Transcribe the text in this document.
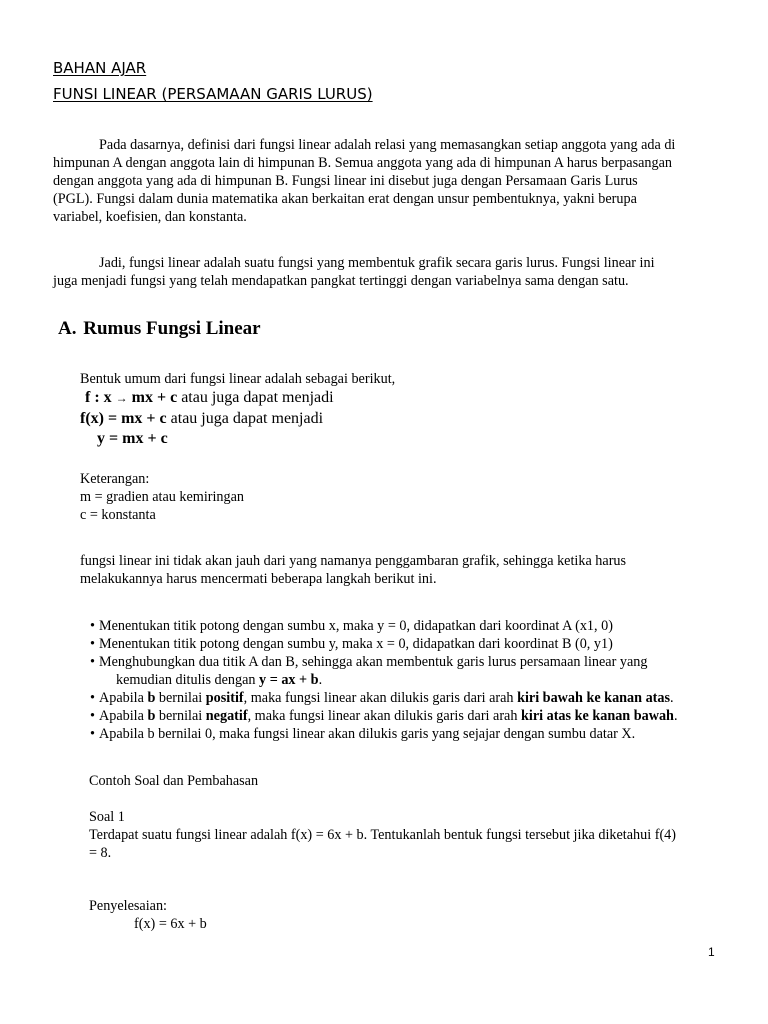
BAHAN AJAR

FUNSI LINEAR (PERSAMAAN GARIS LURUS)

Pada dasarnya, definisi dari fungsi linear adalah relasi yang memasangkan setiap anggota yang ada di
himpunan A dengan anggota lain di himpunan B. Semua anggota yang ada di himpunan A harus berpasangan
dengan anggota yang ada di himpunan B. Fungsi linear ini disebut juga dengan Persamaan Garis Lurus
(PGL). Fungsi dalam dunia matematika akan berkaitan erat dengan unsur pembentuknya, yakni berupa
variabel, koefisien, dan konstanta.
Jadi, fungsi linear adalah suatu fungsi yang membentuk grafik secara garis lurus. Fungsi linear ini
juga menjadi fungsi yang telah mendapatkan pangkat tertinggi dengan variabelnya sama dengan satu.

A. Rumus Fungsi Linear

Bentuk umum dari fungsi linear adalah sebagai berikut,

f : x → mx + c atau juga dapat menjadi

f(x) = mx + c atau juga dapat menjadi

y = mx + c

Keterangan:

m = gradien atau kemiringan

c = konstanta

fungsi linear ini tidak akan jauh dari yang namanya penggambaran grafik, sehingga ketika harus

melakukannya harus mencermati beberapa langkah berikut ini.

• Menentukan titik potong dengan sumbu x, maka y = 0, didapatkan dari koordinat A (x1, 0)

• Menentukan titik potong dengan sumbu y, maka x = 0, didapatkan dari koordinat B (0, y1)

• Menghubungkan dua titik A dan B, sehingga akan membentuk garis lurus persamaan linear yang

kemudian ditulis dengan y = ax + b.

• Apabila b bernilai positif, maka fungsi linear akan dilukis garis dari arah kiri bawah ke kanan atas.

• Apabila b bernilai negatif, maka fungsi linear akan dilukis garis dari arah kiri atas ke kanan bawah.

• Apabila b bernilai 0, maka fungsi linear akan dilukis garis yang sejajar dengan sumbu datar X.

Contoh Soal dan Pembahasan

Soal 1

Terdapat suatu fungsi linear adalah f(x) = 6x + b. Tentukanlah bentuk fungsi tersebut jika diketahui f(4)

= 8.

Penyelesaian:

f(x) = 6x + b

1
